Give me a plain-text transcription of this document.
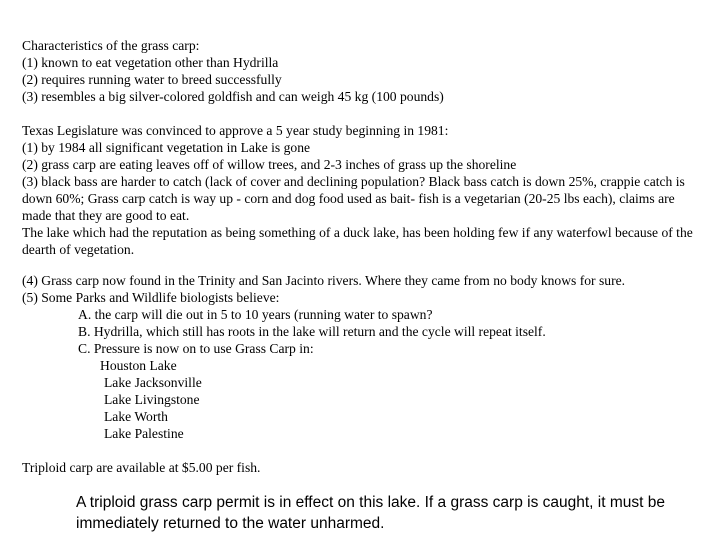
Characteristics of the grass carp:
(1) known to eat vegetation other than Hydrilla
(2) requires running water to breed successfully
(3) resembles a big silver-colored goldfish and can weigh 45 kg (100 pounds)
Texas Legislature was convinced to approve a 5 year study beginning in 1981:
(1) by 1984 all significant vegetation in Lake is gone
(2) grass carp are eating leaves off of willow trees, and 2-3 inches of grass up the shoreline
(3) black bass are harder to catch (lack of cover and declining population? Black bass catch is down 25%, crappie catch is down 60%; Grass carp catch is way up - corn and dog food used as bait- fish is a vegetarian (20-25 lbs each), claims are made that they are good to eat.
The lake which had the reputation as being something of a duck lake, has been holding few if any waterfowl because of the dearth of vegetation.
(4) Grass carp now found in the Trinity and San Jacinto rivers. Where they came from no body knows for sure.
(5) Some Parks and Wildlife biologists believe:
A. the carp will die out in 5 to 10 years (running water to spawn?
B. Hydrilla, which still has roots in the lake will return and the cycle will repeat itself.
C. Pressure is now on to use Grass Carp in:
Houston Lake
Lake Jacksonville
Lake Livingstone
Lake Worth
Lake Palestine
Triploid carp are available at $5.00 per fish.
A triploid grass carp permit is in effect on this lake. If a grass carp is caught, it must be immediately returned to the water unharmed.
